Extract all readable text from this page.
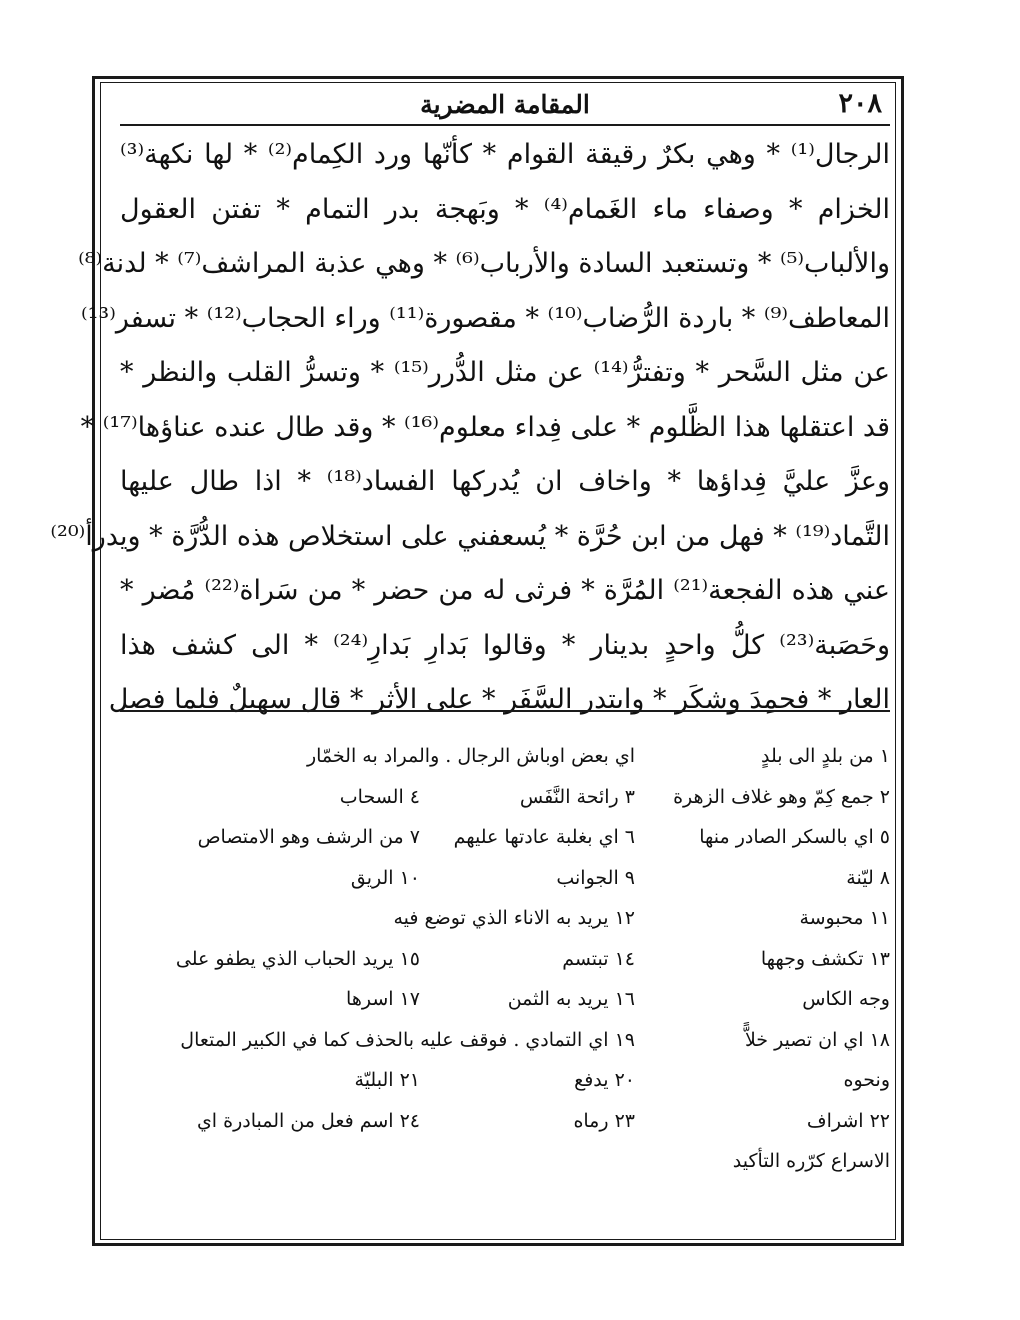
المقامة المضرية	٢٠٨
الرجال⁽¹⁾ * وهي بكرٌ رقيقة القوام * كأنّها ورد الكِمام⁽²⁾ * لها نكهة⁽³⁾
الخزام * وصفاء ماء الغَمام⁽⁴⁾ * وبَهجة بدر التمام * تفتن العقول
والألباب⁽⁵⁾ * وتستعبد السادة والأرباب⁽⁶⁾ * وهي عذبة المراشف⁽⁷⁾ * لدنة⁽⁸⁾
المعاطف⁽⁹⁾ * باردة الرُّضاب⁽¹⁰⁾ * مقصورة⁽¹¹⁾ وراء الحجاب⁽¹²⁾ * تسفر⁽¹³⁾
عن مثل السَّحر * وتفترُّ⁽¹⁴⁾ عن مثل الدُّرر⁽¹⁵⁾ * وتسرُّ القلب والنظر *
قد اعتقلها هذا الظَّلوم * على فِداء معلوم⁽¹⁶⁾ * وقد طال عنده عناؤها⁽¹⁷⁾ *
وعزَّ عليَّ فِداؤها * واخاف ان يُدركها الفساد⁽¹⁸⁾ * اذا طال عليها
التَّماد⁽¹⁹⁾ * فهل من ابن حُرَّة * يُسعفني على استخلاص هذه الدُّرَّة * ويدرأ⁽²⁰⁾
عني هذه الفجعة⁽²¹⁾ المُرَّة * فرثى له من حضر * من سَراة⁽²²⁾ مُضر *
وحَصَبة⁽²³⁾ كلُّ واحدٍ بدينار * وقالوا بَدارِ بَدارِ⁽²⁴⁾ * الى كشف هذا
العار * فحمِدَ وشكَر * وابتدر السَّفَر * على الأثر * قال سهيلٌ فلما فصل
١ من بلدٍ الى بلدٍ
اي بعض اوباش الرجال . والمراد به الخمّار
٢ جمع كِمّ وهو غلاف الزهرة
٣ رائحة النَّفَس
٤ السحاب
٥ اي بالسكر الصادر منها
٦ اي بغلبة عادتها عليهم
٧ من الرشف وهو الامتصاص
٨ ليّنة
٩ الجوانب
١٠ الريق
١١ محبوسة
١٢ يريد به الاناء الذي توضع فيه
١٣ تكشف وجهها
١٤ تبتسم
١٥ يريد الحباب الذي يطفو على
وجه الكاس
١٦ يريد به الثمن
١٧ اسرها
١٨ اي ان تصير خلاًّ
١٩ اي التمادي . فوقف عليه بالحذف كما في الكبير المتعال
ونحوه
٢٠ يدفع
٢١ البليّة
٢٢ اشراف
٢٣ رماه
٢٤ اسم فعل من المبادرة اي
الاسراع كرّره التأكيد
